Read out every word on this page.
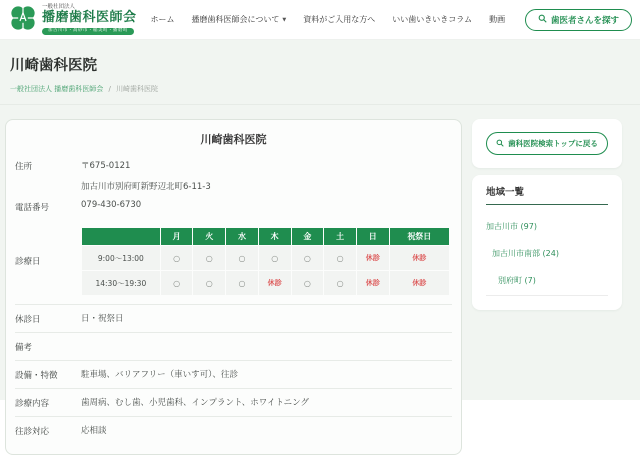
一般社団法人
播磨歯科医師会
加古川市・高砂市・稲美町・播磨町
ホーム 播磨歯科医師会について ▼ 資料がご入用な方へ いい歯いきいきコラム 動画	歯医者さんを探す
川崎歯科医院
一般社団法人 播磨歯科医師会 / 川崎歯科医院
川崎歯科医院
住所	〒675-0121
加古川市別府町新野辺北町6-11-3
電話番号	079-430-6730
診療日
	月	火	水	木	金	土	日	祝祭日
9:00～13:00	○	○	○	○	○	○	休診	休診
14:30～19:30	○	○	○	休診	○	○	休診	休診
休診日	日・祝祭日
備考
設備・特徴	駐車場、バリアフリー（車いす可）、往診
診療内容	歯周病、むし歯、小児歯科、インプラント、ホワイトニング
往診対応	応相談
歯科医院検索トップに戻る
地域一覧
加古川市 (97)
加古川市南部 (24)
別府町 (7)
